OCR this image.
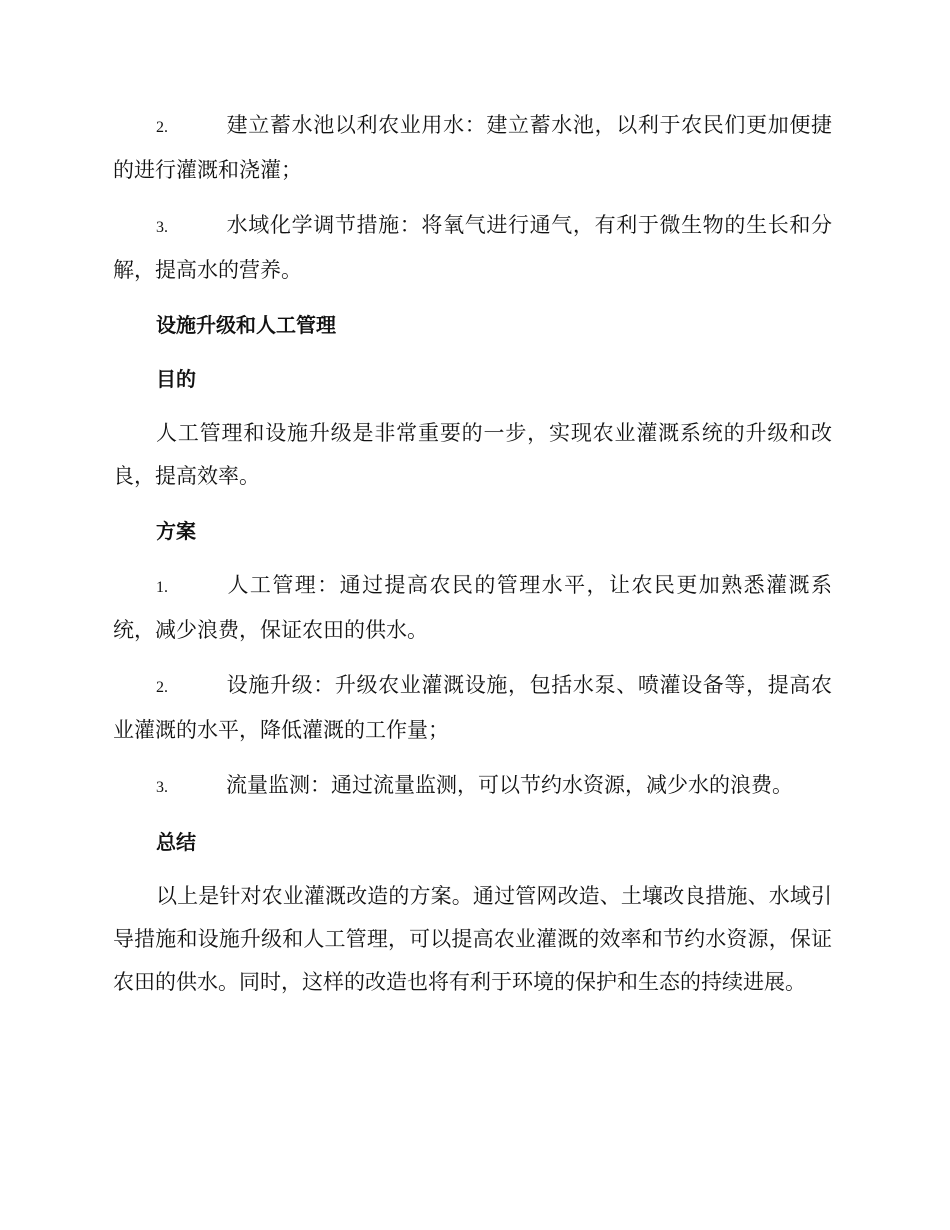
2.	建立蓄水池以利农业用水：建立蓄水池，以利于农民们更加便捷的进行灌溉和浇灌；

3.	水域化学调节措施：将氧气进行通气，有利于微生物的生长和分解，提高水的营养。

设施升级和人工管理
目的

人工管理和设施升级是非常重要的一步，实现农业灌溉系统的升级和改良，提高效率。

方案

1.	人工管理：通过提高农民的管理水平，让农民更加熟悉灌溉系统，减少浪费，保证农田的供水。

2.	设施升级：升级农业灌溉设施，包括水泵、喷灌设备等，提高农业灌溉的水平，降低灌溉的工作量；

3.	流量监测：通过流量监测，可以节约水资源，减少水的浪费。

总结

以上是针对农业灌溉改造的方案。通过管网改造、土壤改良措施、水域引导措施和设施升级和人工管理，可以提高农业灌溉的效率和节约水资源，保证农田的供水。同时，这样的改造也将有利于环境的保护和生态的持续进展。
